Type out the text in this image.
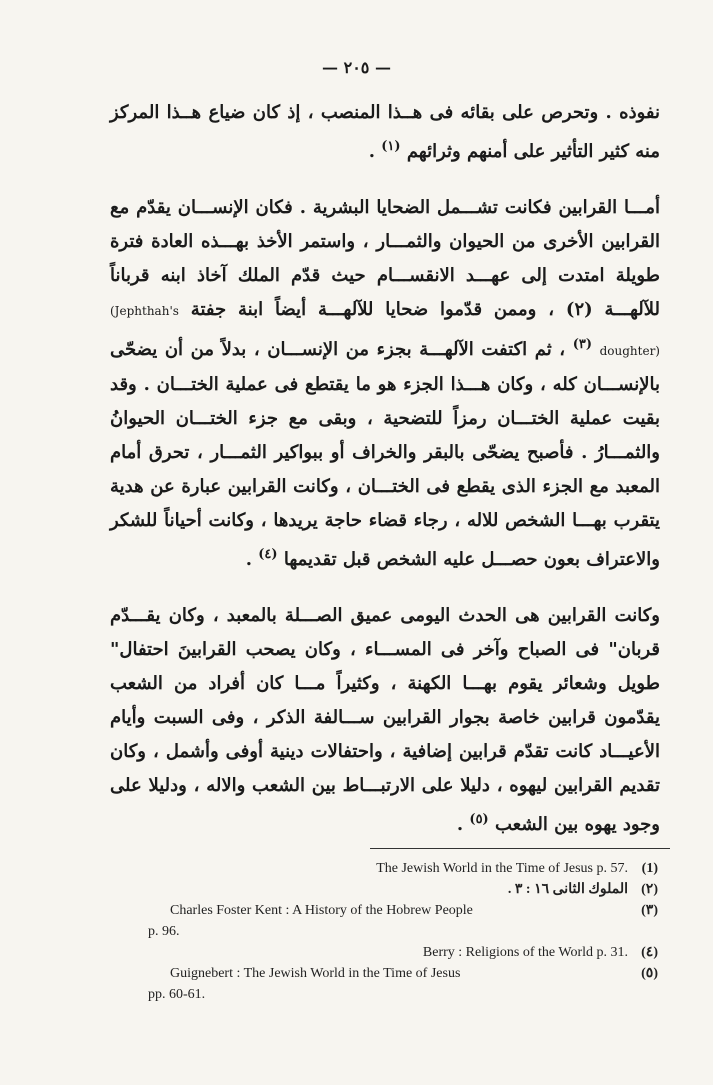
— ٢٠٥ —

نفوذه . وتحرص على بقائه فى هــذا المنصب ، إذ كان ضياع هــذا المركز منه كثير التأثير على أمنهم وثرائهم $^{(١)}$ .

أمـــا القرابين فكانت تشـــمل الضحايا البشرية . فكان الإنســـان يقدّم مع القرابين الأخرى من الحيوان والثمـــار ، واستمر الأخذ بهـــذه العادة فترة طويلة امتدت إلى عهـــد الانقســـام حيث قدّم الملك آخاذ ابنه قرباناً للآلهـــة (٢) ، وممن قدّموا ضحايا للآلهـــة أيضاً ابنة جفتة (Jephthah's doughter) $^{(٣)}$ ، ثم اكتفت الآلهـــة بجزء من الإنســـان ، بدلاً من أن يضحّى بالإنســـان كله ، وكان هـــذا الجزء هو ما يقتطع فى عملية الختـــان . وقد بقيت عملية الختـــان رمزاً للتضحية ، وبقى مع جزء الختـــان الحيوانُ والثمـــارُ . فأصبح يضحّى بالبقر والخراف أو ببواكير الثمـــار ، تحرق أمام المعبد مع الجزء الذى يقطع فى الختـــان ، وكانت القرابين عبارة عن هدية يتقرب بهـــا الشخص للاله ، رجاء قضاء حاجة يريدها ، وكانت أحياناً للشكر والاعتراف بعون حصـــل عليه الشخص قبل تقديمها $^{(٤)}$ .

وكانت القرابين هى الحدث اليومى عميق الصـــلة بالمعبد ، وكان يقـــدّم قربان" فى الصباح وآخر فى المســـاء ، وكان يصحب القرابينَ احتفال" طويل وشعائر يقوم بهـــا الكهنة ، وكثيراً مـــا كان أفراد من الشعب يقدّمون قرابين خاصة بجوار القرابين ســـالفة الذكر ، وفى السبت وأيام الأعيـــاد كانت تقدّم قرابين إضافية ، واحتفالات دينية أوفى وأشمل ، وكان تقديم القرابين ليهوه ، دليلا على الارتبـــاط بين الشعب والاله ، ودليلا على وجود يهوه بين الشعب $^{(٥)}$ .

(1)
The Jewish World in the Time of Jesus p. 57.
(٢)
الملوك الثانى ١٦ : ٣ .
(٣)
Charles Foster Kent : A History of the Hobrew People
p. 96.
(٤)
Berry : Religions of the World p. 31.
(٥)
Guignebert : The Jewish World in the Time of Jesus
pp. 60-61.
